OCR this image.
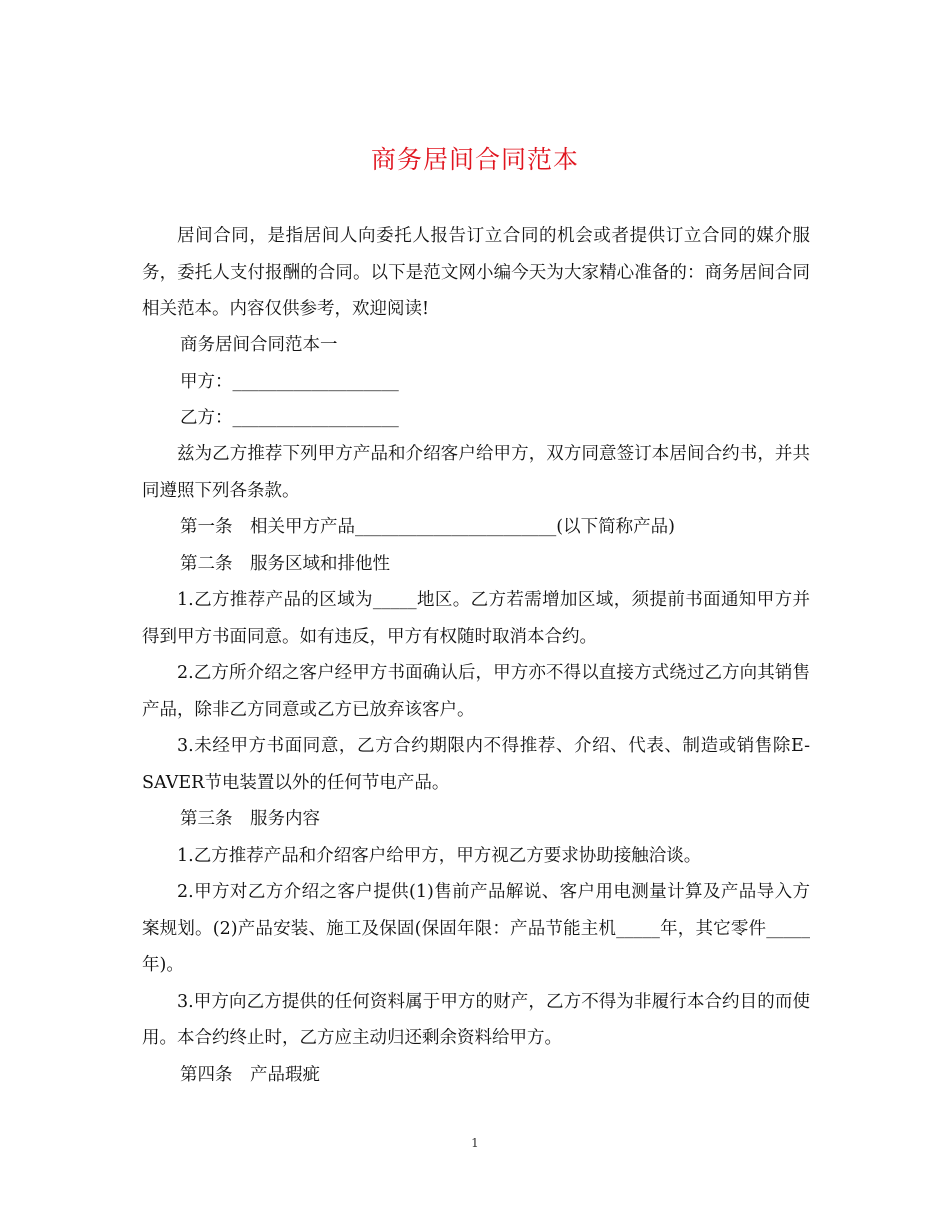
商务居间合同范本

居间合同，是指居间人向委托人报告订立合同的机会或者提供订立合同的媒介服务，委托人支付报酬的合同。以下是范文网小编今天为大家精心准备的：商务居间合同相关范本。内容仅供参考，欢迎阅读!

商务居间合同范本一

甲方：___________________

乙方：___________________

兹为乙方推荐下列甲方产品和介绍客户给甲方，双方同意签订本居间合约书，并共同遵照下列各条款。

第一条　相关甲方产品_______________________(以下简称产品)

第二条　服务区域和排他性

1.乙方推荐产品的区域为_____地区。乙方若需增加区域，须提前书面通知甲方并得到甲方书面同意。如有违反，甲方有权随时取消本合约。

2.乙方所介绍之客户经甲方书面确认后，甲方亦不得以直接方式绕过乙方向其销售产品，除非乙方同意或乙方已放弃该客户。

3.未经甲方书面同意，乙方合约期限内不得推荐、介绍、代表、制造或销售除E-SAVER节电装置以外的任何节电产品。

第三条　服务内容

1.乙方推荐产品和介绍客户给甲方，甲方视乙方要求协助接触洽谈。

2.甲方对乙方介绍之客户提供(1)售前产品解说、客户用电测量计算及产品导入方案规划。(2)产品安装、施工及保固(保固年限：产品节能主机_____年，其它零件_____年)。

3.甲方向乙方提供的任何资料属于甲方的财产，乙方不得为非履行本合约目的而使用。本合约终止时，乙方应主动归还剩余资料给甲方。

第四条　产品瑕疵

1
